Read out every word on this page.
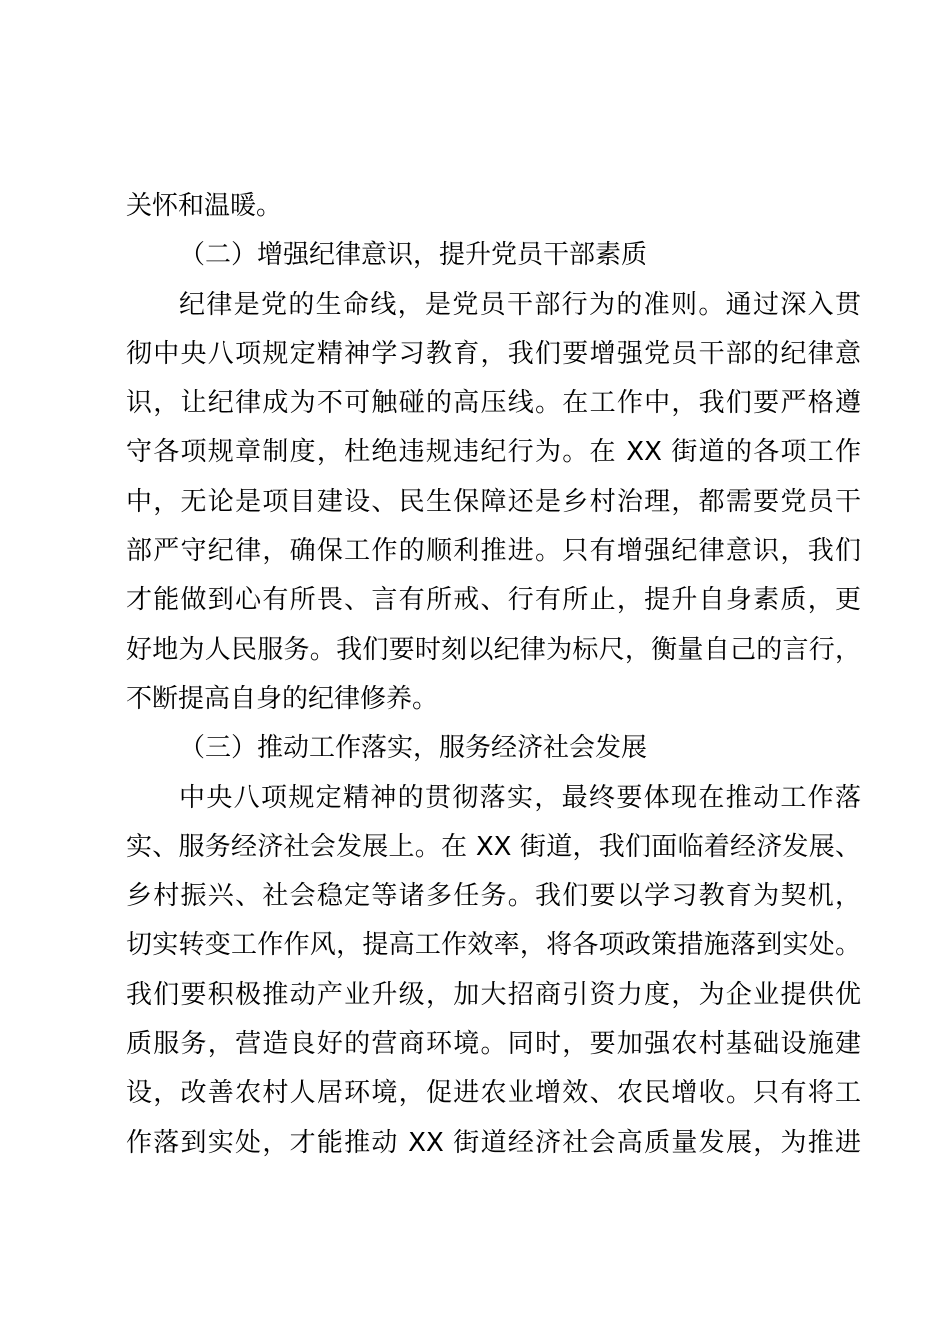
关怀和温暖。
（二）增强纪律意识，提升党员干部素质
纪律是党的生命线，是党员干部行为的准则。通过深入贯
彻中央八项规定精神学习教育，我们要增强党员干部的纪律意
识，让纪律成为不可触碰的高压线。在工作中，我们要严格遵
守各项规章制度，杜绝违规违纪行为。在 XX 街道的各项工作
中，无论是项目建设、民生保障还是乡村治理，都需要党员干
部严守纪律，确保工作的顺利推进。只有增强纪律意识，我们
才能做到心有所畏、言有所戒、行有所止，提升自身素质，更
好地为人民服务。我们要时刻以纪律为标尺，衡量自己的言行，
不断提高自身的纪律修养。
（三）推动工作落实，服务经济社会发展
中央八项规定精神的贯彻落实，最终要体现在推动工作落
实、服务经济社会发展上。在 XX 街道，我们面临着经济发展、
乡村振兴、社会稳定等诸多任务。我们要以学习教育为契机，
切实转变工作作风，提高工作效率，将各项政策措施落到实处。
我们要积极推动产业升级，加大招商引资力度，为企业提供优
质服务，营造良好的营商环境。同时，要加强农村基础设施建
设，改善农村人居环境，促进农业增效、农民增收。只有将工
作落到实处，才能推动 XX 街道经济社会高质量发展，为推进
